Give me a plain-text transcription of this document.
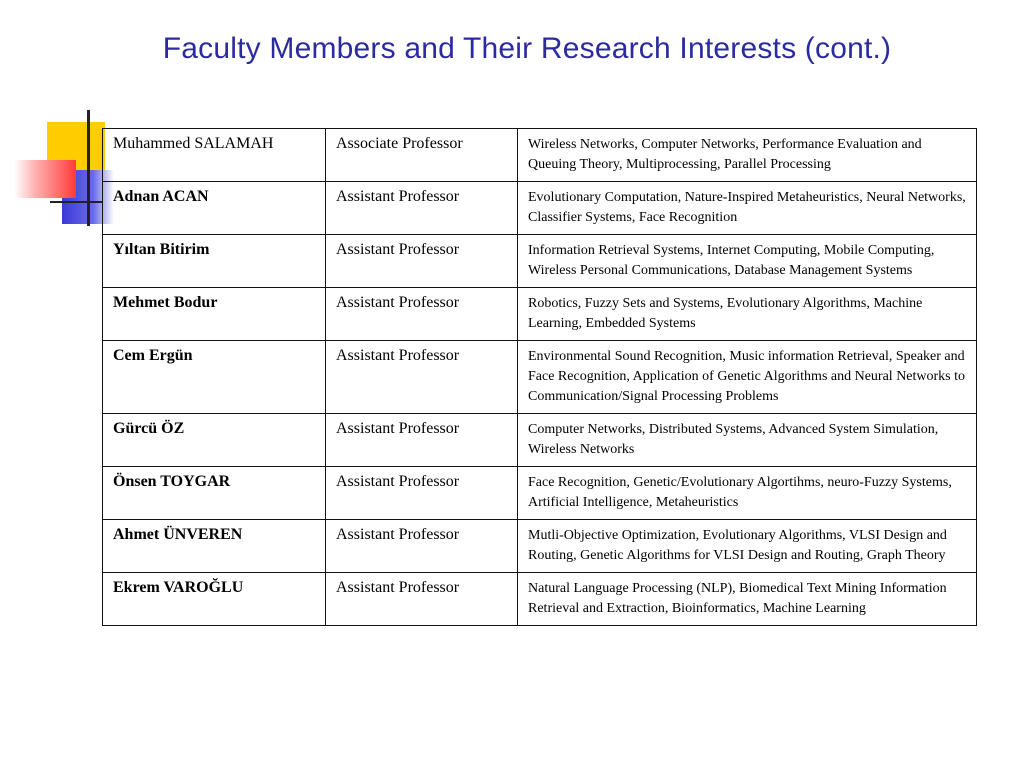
Faculty Members and Their Research Interests (cont.)
Muhammed SALAMAH	Associate Professor	Wireless Networks, Computer Networks, Performance Evaluation and Queuing Theory, Multiprocessing, Parallel Processing
Adnan ACAN	Assistant Professor	Evolutionary Computation, Nature-Inspired Metaheuristics, Neural Networks, Classifier Systems, Face Recognition
Yıltan Bitirim	Assistant Professor	Information Retrieval Systems, Internet Computing, Mobile Computing, Wireless Personal Communications, Database Management Systems
Mehmet Bodur	Assistant Professor	Robotics, Fuzzy Sets and Systems, Evolutionary Algorithms, Machine Learning, Embedded Systems
Cem Ergün	Assistant Professor	Environmental Sound Recognition, Music information Retrieval, Speaker and Face Recognition, Application of Genetic Algorithms and Neural Networks to Communication/Signal Processing Problems
Gürcü ÖZ	Assistant Professor	Computer Networks, Distributed Systems, Advanced System Simulation, Wireless Networks
Önsen TOYGAR	Assistant Professor	Face Recognition, Genetic/Evolutionary Algortihms, neuro-Fuzzy Systems, Artificial Intelligence, Metaheuristics
Ahmet ÜNVEREN	Assistant Professor	Mutli-Objective Optimization, Evolutionary Algorithms, VLSI Design and Routing, Genetic Algorithms for VLSI Design and Routing, Graph Theory
Ekrem VAROĞLU	Assistant Professor	Natural Language Processing (NLP), Biomedical Text Mining Information Retrieval and Extraction, Bioinformatics, Machine Learning
